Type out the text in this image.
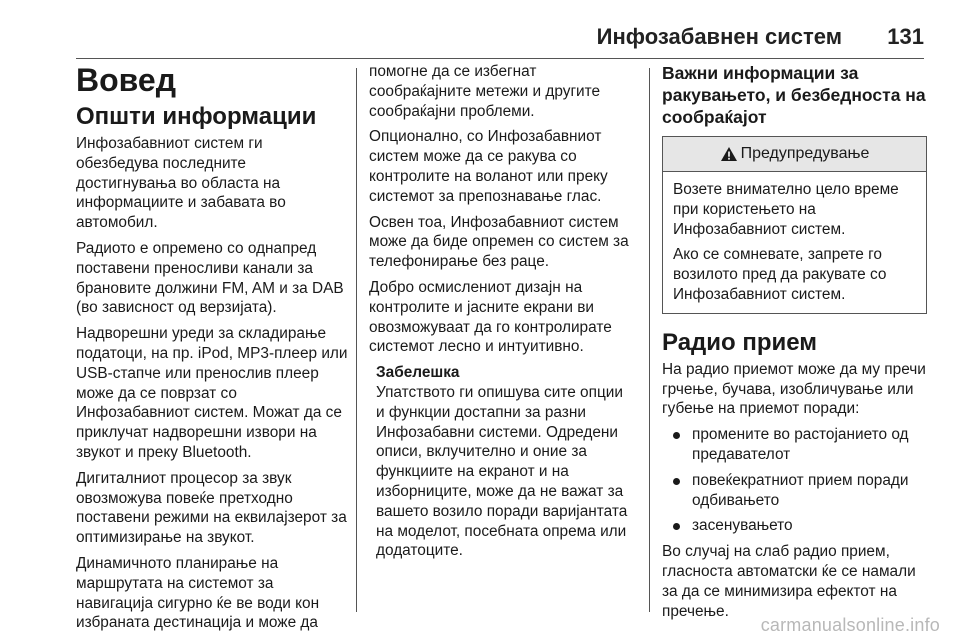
Инфозабавнен систем 131
Вовед
Општи информации

Инфозабавниот систем ги обезбедува последните достигнувања во областа на информациите и забавата во автомобил.

Радиото е опремено со однапред поставени преносливи канали за брановите должини FM, AM и за DAB (во зависност од верзијата).

Надворешни уреди за складирање податоци, на пр. iPod, MP3-плеер или USB-стапче или пренослив плеер може да се поврзат со Инфозабавниот систем. Можат да се приклучат надворешни извори на звукот и преку Bluetooth.

Дигиталниот процесор за звук овозможува повеќе претходно поставени режими на еквилајзерот за оптимизирање на звукот.

Динамичното планирање на маршрутата на системот за навигација сигурно ќе ве води кон избраната дестинација и може да

помогне да се избегнат сообраќајните метежи и другите сообраќајни проблеми.

Опционално, со Инфозабавниот систем може да се ракува со контролите на воланот или преку системот за препознавање глас.

Освен тоа, Инфозабавниот систем може да биде опремен со систем за телефонирање без раце.

Добро осмислениот дизајн на контролите и јасните екрани ви овозможуваат да го контролирате системот лесно и интуитивно.

Забелешка
Упатството ги опишува сите опции и функции достапни за разни Инфозабавни системи. Одредени описи, вклучително и оние за функциите на екранот и на изборниците, може да не важат за вашето возило поради варијантата на моделот, посебната опрема или додатоците.
Важни информации за ракувањето, и безбедноста на сообраќајот
Предупредување

Возете внимателно цело време при користењето на Инфозабавниот систем.

Ако се сомневате, запрете го возилото пред да ракувате со Инфозабавниот систем.

Радио прием

На радио приемот може да му пречи грчење, бучава, изобличување или губење на приемот поради:

промените во растојанието од предавателот
повеќекратниот прием поради одбивањето
засенувањето

Во случај на слаб радио прием, гласноста автоматски ќе се намали за да се минимизира ефектот на пречење.

carmanualsonline.info
